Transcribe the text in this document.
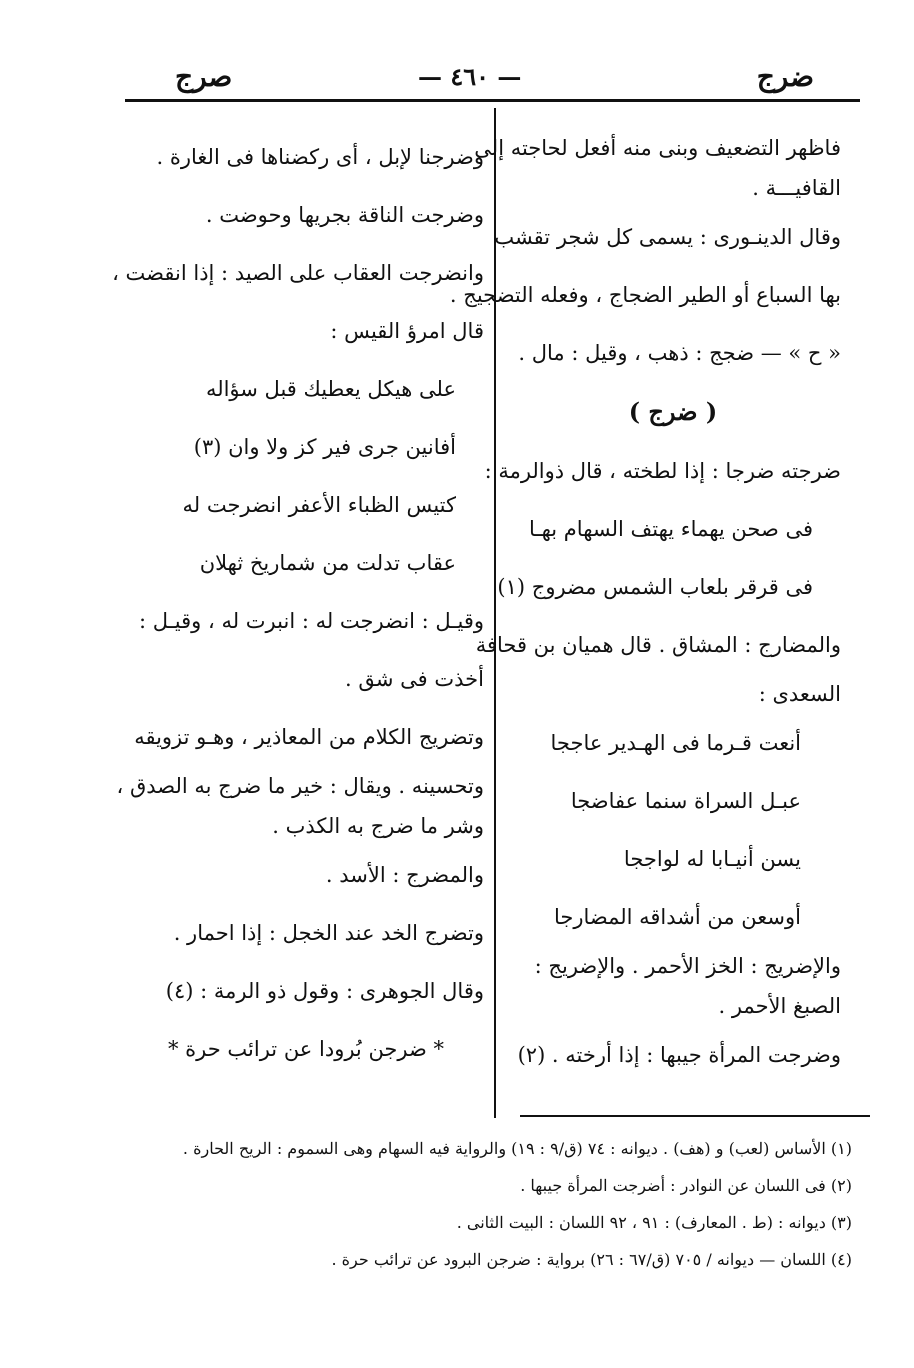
ضرج
— ٤٦٠ —
صرج
فاظهر التضعيف وبنى منه أفعل لحاجته إلى
القافيـــة .
وقال الدينـورى : يسمى كل شجر تقشب
بها السباع أو الطير الضجاج ، وفعله التضجيج .
« ح » — ضجج : ذهب ، وقيل : مال .
( ضرج )
ضرجته ضرجا : إذا لطخته ، قال ذوالرمة :
فى صحن يهماء يهتف السهام بهـا
فى قرقر بلعاب الشمس مضروج (١)
والمضارج : المشاق . قال هميان بن قحافة
السعدى :
أنعت قـرما فى الهـدير عاججا
عبـل السراة سنما عفاضجا
يسن أنيـابا له لواججا
أوسعن من أشداقه المضارجا
والإضريج : الخز الأحمر . والإضريج :
الصبغ الأحمر .
وضرجت المرأة جيبها : إذا أرخته . (٢)
وضرجنا لإبل ، أى ركضناها فى الغارة .
وضرجت الناقة بجريها وحوضت .
وانضرجت العقاب على الصيد : إذا انقضت ،
قال امرؤ القيس :
على هيكل يعطيك قبل سؤاله
أفانين جرى فير كز ولا وان (٣)
كتيس الظباء الأعفر انضرجت له
عقاب تدلت من شماريخ ثهلان
وقيـل : انضرجت له : انبرت له ، وقيـل :
أخذت فى شق .
وتضريج الكلام من المعاذير ، وهـو تزويقه
وتحسينه . ويقال : خير ما ضرج به الصدق ،
وشر ما ضرج به الكذب .
والمضرج : الأسد .
وتضرج الخد عند الخجل : إذا احمار .
وقال الجوهرى : وقول ذو الرمة : (٤)
* ضرجن بُرودا عن ترائب حرة *
(١) الأساس (لعب) و (هف) . ديوانه : ٧٤ (ق/٩ : ١٩) والرواية فيه السهام وهى السموم : الريح الحارة .
(٢) فى اللسان عن النوادر : أضرجت المرأة جيبها .
(٣) ديوانه : (ط . المعارف) : ٩١ ، ٩٢ اللسان : البيت الثانى .
(٤) اللسان — ديوانه / ٧٠٥ (ق/٦٧ : ٢٦) برواية : ضرجن البرود عن ترائب حرة .
